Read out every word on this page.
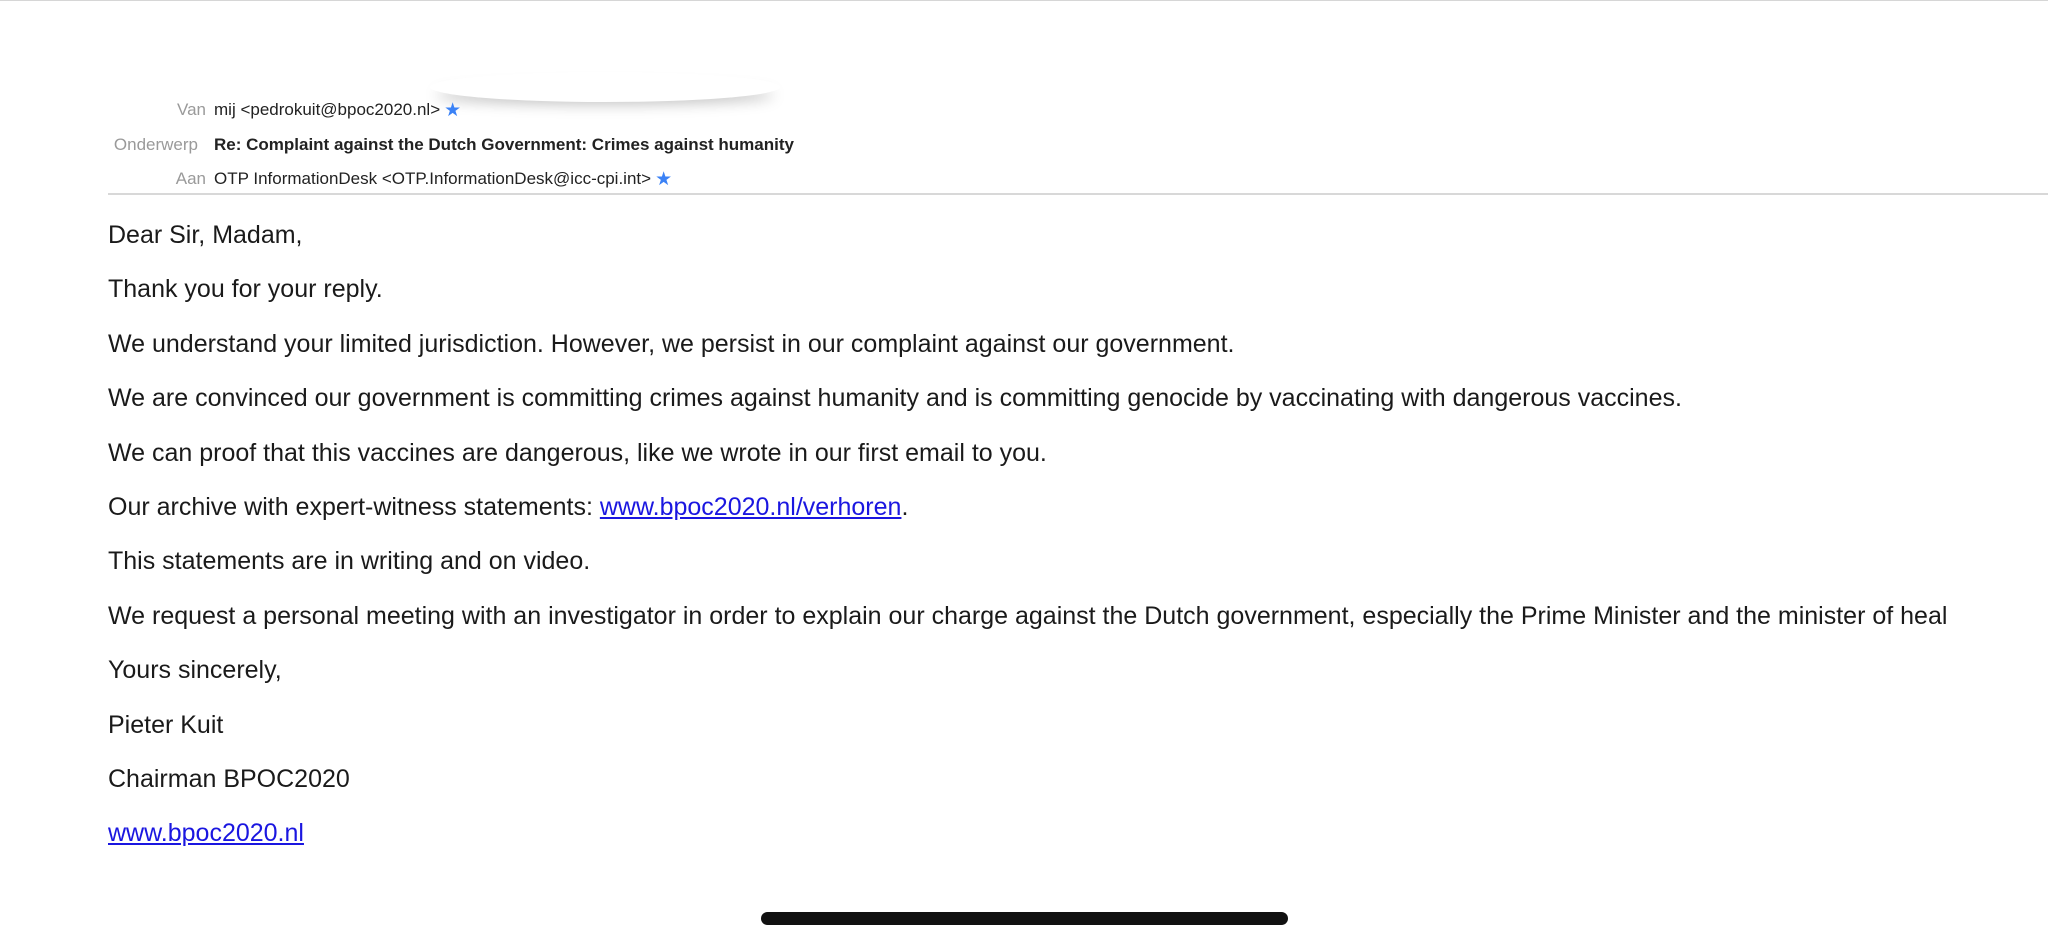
Van mij <pedrokuit@bpoc2020.nl> ★
Onderwerp Re: Complaint against the Dutch Government: Crimes against humanity
Aan OTP InformationDesk <OTP.InformationDesk@icc-cpi.int> ★
Dear Sir, Madam,
Thank you for your reply.
We understand your limited jurisdiction. However, we persist in our complaint against our government.
We are convinced our government is committing crimes against humanity and is committing genocide by vaccinating with dangerous vaccines.
We can proof that this vaccines are dangerous, like we wrote in our first email to you.
Our archive with expert-witness statements: www.bpoc2020.nl/verhoren.
This statements are in writing and on video.
We request a personal meeting with an investigator in order to explain our charge against the Dutch government, especially the Prime Minister and the minister of heal
Yours sincerely,
Pieter Kuit
Chairman BPOC2020
www.bpoc2020.nl
